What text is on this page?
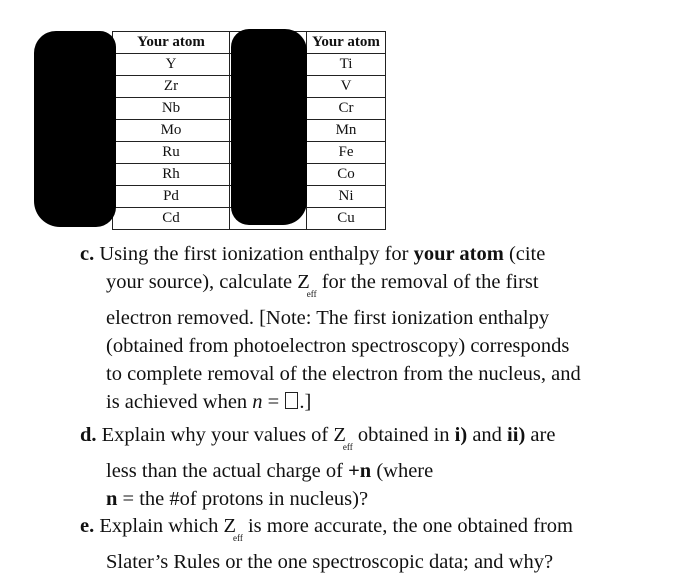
Your atom		Your atom
Y		Ti
Zr		V
Nb		Cr
Mo		Mn
Ru		Fe
Rh		Co
Pd		Ni
Cd		Cu
c. Using the first ionization enthalpy for your atom (cite
your source), calculate $Z_{eff}$ for the removal of the first
electron removed. [Note: The first ionization enthalpy
(obtained from photoelectron spectroscopy) corresponds
to complete removal of the electron from the nucleus, and
is achieved when n = .]
d. Explain why your values of $Z_{eff}$ obtained in i) and ii) are
less than the actual charge of +n (where
n = the #of protons in nucleus)?
e. Explain which $Z_{eff}$ is more accurate, the one obtained from
Slater’s Rules or the one spectroscopic data; and why?
